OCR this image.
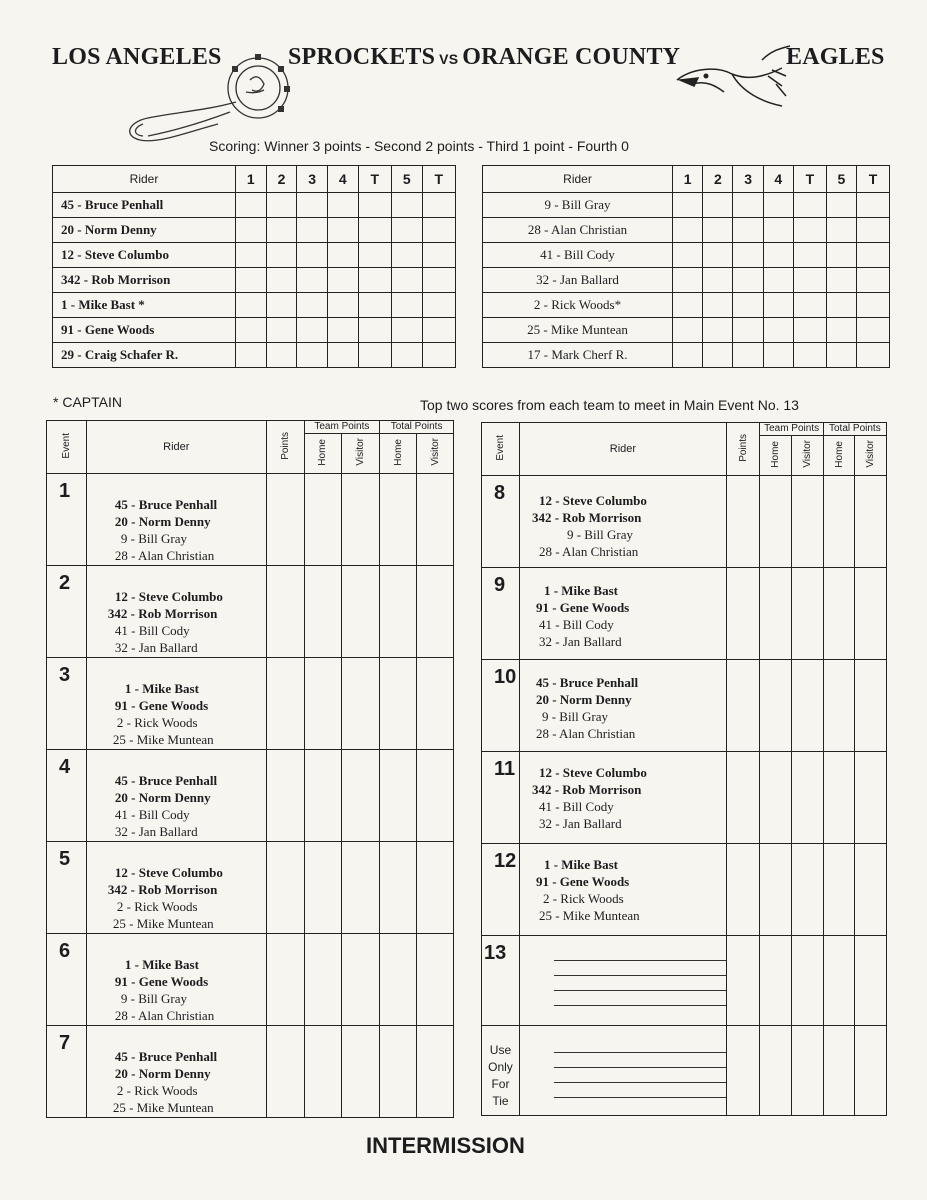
LOS ANGELES	SPROCKETS VS ORANGE COUNTY	EAGLES
Scoring: Winner 3 points - Second 2 points - Third 1 point - Fourth 0
Rider	1	2	3	4	T	5	T
45 - Bruce Penhall							
20 - Norm Denny							
12 - Steve Columbo							
342 - Rob Morrison							
1 - Mike Bast *							
91 - Gene Woods							
29 - Craig Schafer R.							
Rider	1	2	3	4	T	5	T
9 - Bill Gray							
28 - Alan Christian							
41 - Bill Cody							
32 - Jan Ballard							
2 - Rick Woods*							
25 - Mike Muntean							
17 - Mark Cherf R.							
* CAPTAIN	Top two scores from each team to meet in Main Event No. 13
Event	Rider	Points	Team Points		Total Points	
			Home	Visitor	Home	Visitor
1	45 - Bruce Penhall
20 - Norm Denny
9 - Bill Gray
28 - Alan Christian					

2	12 - Steve Columbo
342 - Rob Morrison
41 - Bill Cody
32 - Jan Ballard					

3	1 - Mike Bast
91 - Gene Woods
2 - Rick Woods
25 - Mike Muntean					

4	45 - Bruce Penhall
20 - Norm Denny
41 - Bill Cody
32 - Jan Ballard					

5	12 - Steve Columbo
342 - Rob Morrison
2 - Rick Woods
25 - Mike Muntean					

6	1 - Mike Bast
91 - Gene Woods
9 - Bill Gray
28 - Alan Christian					

7	45 - Bruce Penhall
20 - Norm Denny
2 - Rick Woods
25 - Mike Muntean					

Event	Rider	Points	Team Points		Total Points	
			Home	Visitor	Home	Visitor
8	12 - Steve Columbo
342 - Rob Morrison
9 - Bill Gray
28 - Alan Christian					

9	1 - Mike Bast
91 - Gene Woods
41 - Bill Cody
32 - Jan Ballard					

10	45 - Bruce Penhall
20 - Norm Denny
9 - Bill Gray
28 - Alan Christian					

11	12 - Steve Columbo
342 - Rob Morrison
41 - Bill Cody
32 - Jan Ballard					

12	1 - Mike Bast
91 - Gene Woods
2 - Rick Woods
25 - Mike Muntean					

13	

Use
Only
For
Tie						

INTERMISSION
